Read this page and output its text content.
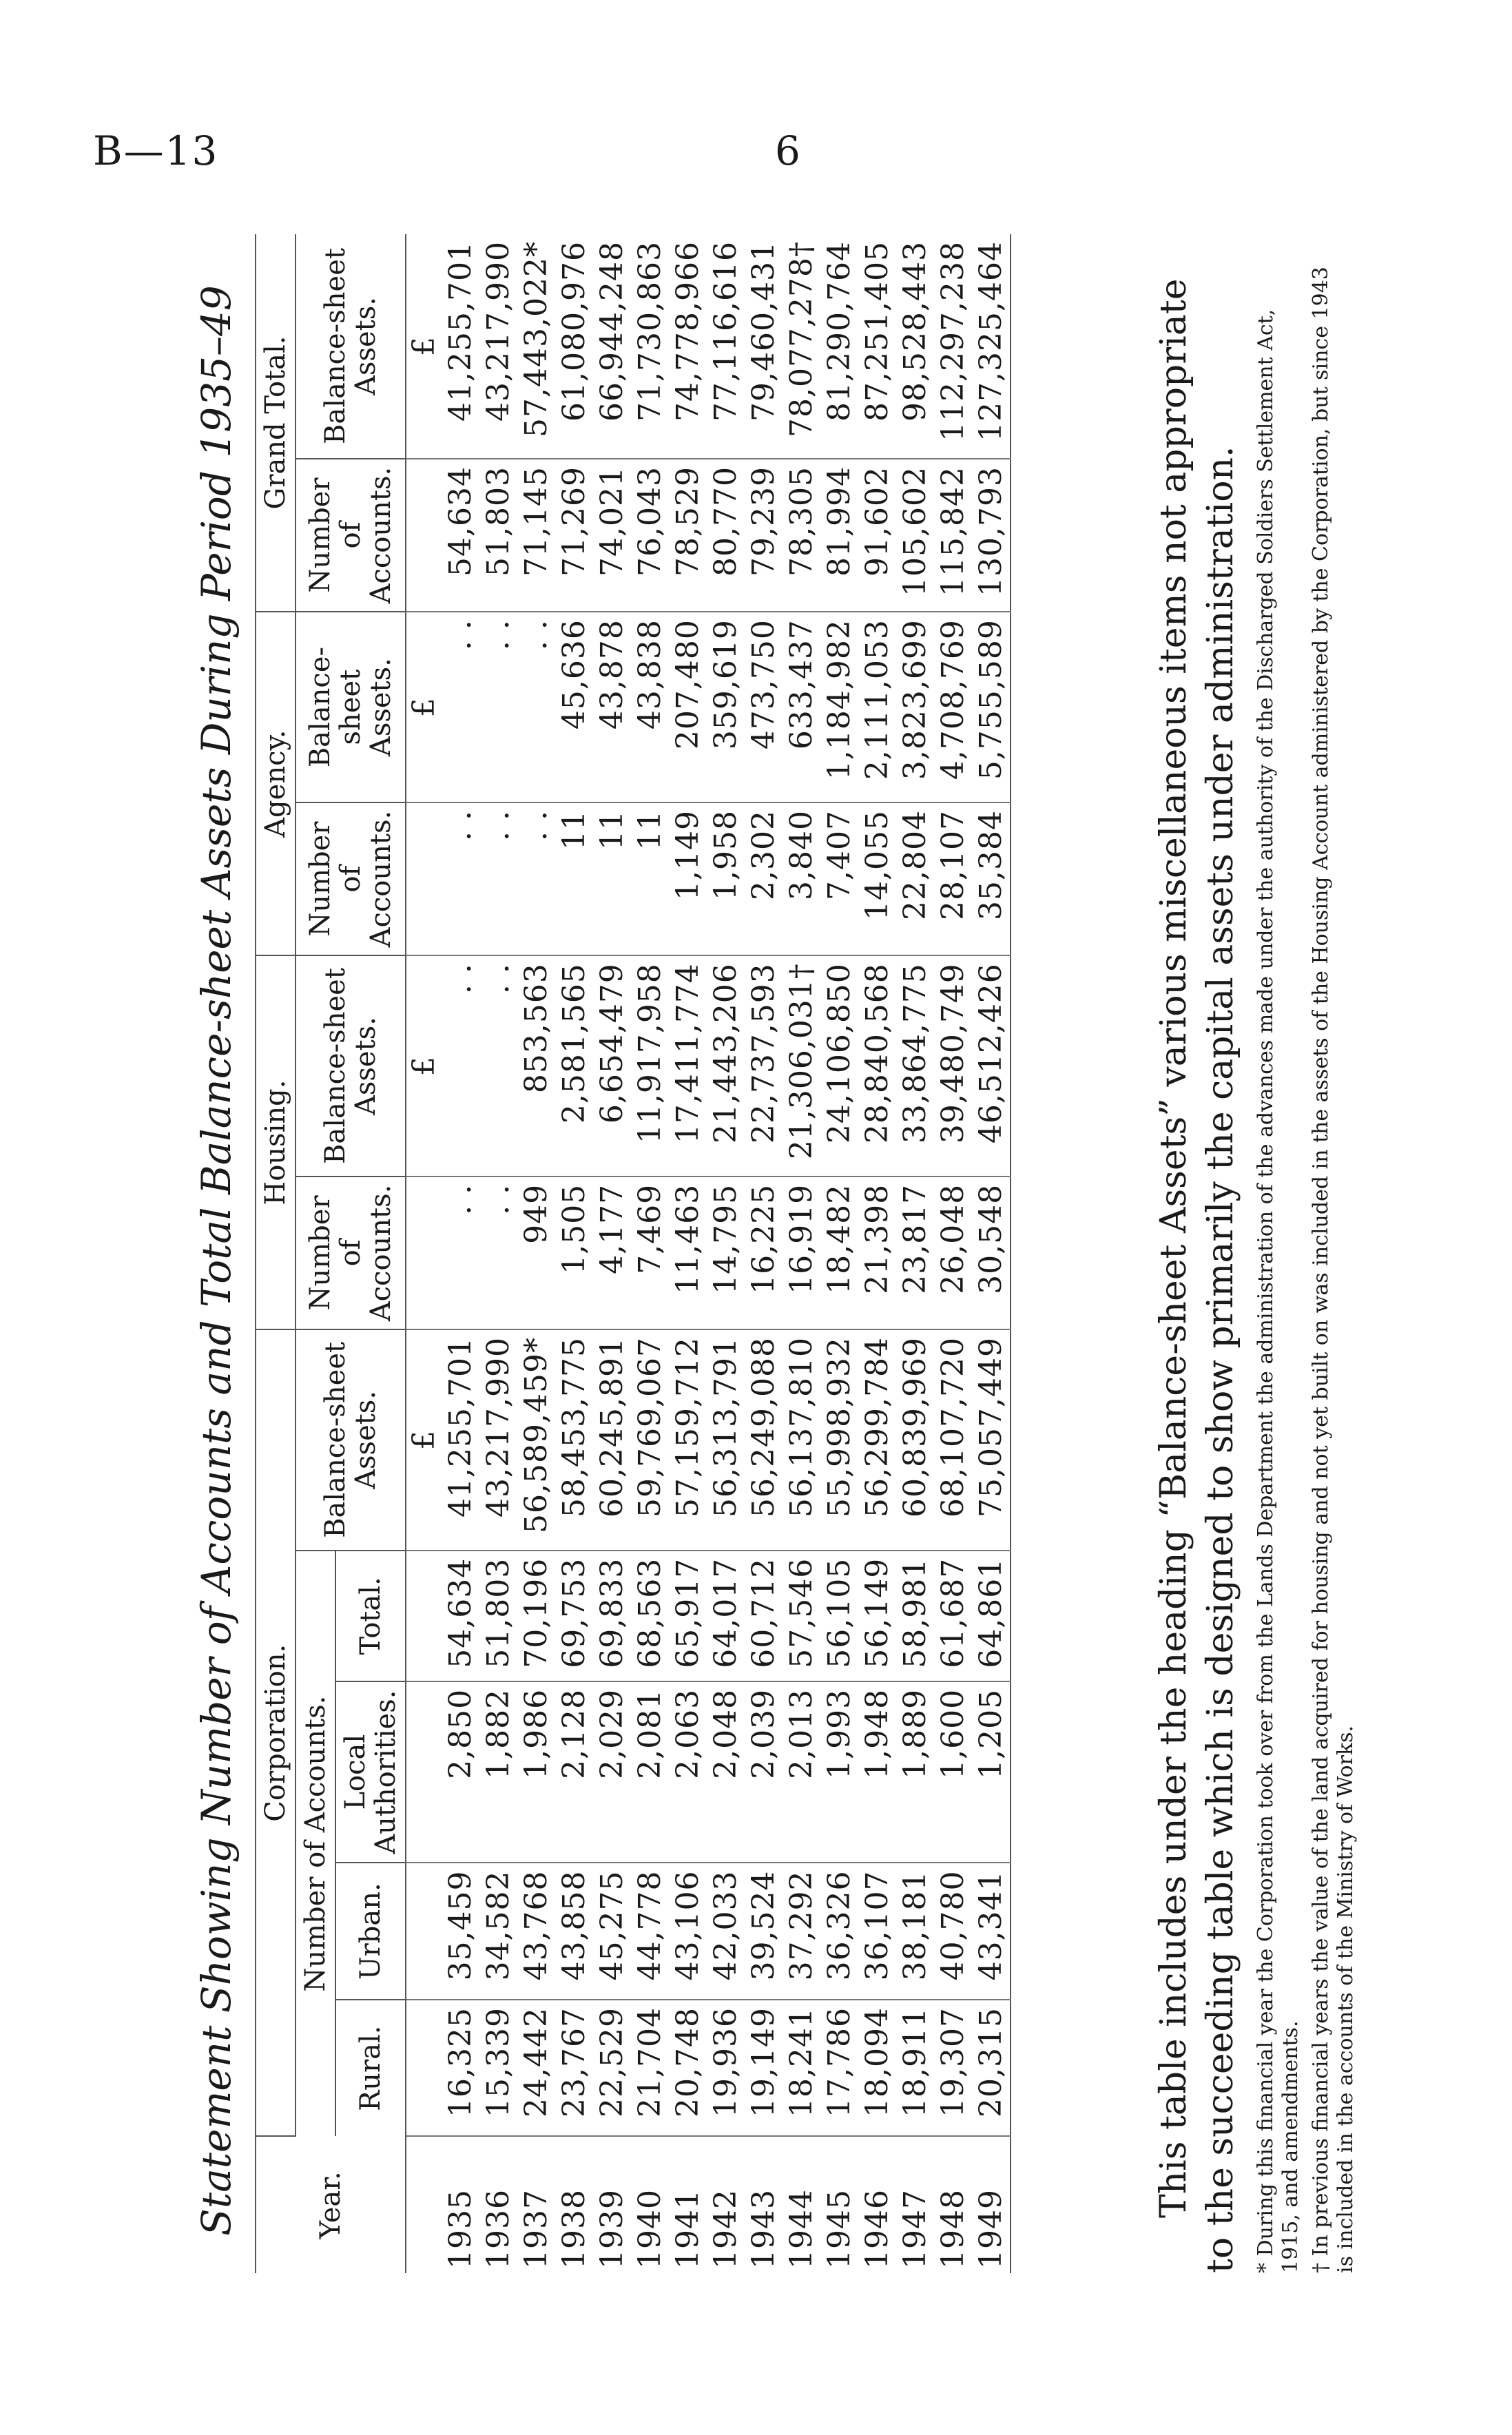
B—13	6
Statement Showing Number of Accounts and Total Balance-sheet Assets During Period 1935–49	Year.	Corporation.					Housing.		Agency.		Grand Total.	
	Number of Accounts.				Balance-sheet Assets.	Number of Accounts.	Balance-sheet Assets.	Number of Accounts.	Balance-sheet Assets.	Number of Accounts.	Balance-sheet Assets.
	Rural.	Urban.	Local Authorities.	Total.							
					£		£		£		£
1935	16,325	35,459	2,850	54,634	41,255,701	. .	. .	. .	. .	54,634	41,255,701
1936	15,339	34,582	1,882	51,803	43,217,990	. .	. .	. .	. .	51,803	43,217,990
1937	24,442	43,768	1,986	70,196	56,589,459*	949	853,563	. .	. .	71,145	57,443,022*
1938	23,767	43,858	2,128	69,753	58,453,775	1,505	2,581,565	11	45,636	71,269	61,080,976
1939	22,529	45,275	2,029	69,833	60,245,891	4,177	6,654,479	11	43,878	74,021	66,944,248
1940	21,704	44,778	2,081	68,563	59,769,067	7,469	11,917,958	11	43,838	76,043	71,730,863
1941	20,748	43,106	2,063	65,917	57,159,712	11,463	17,411,774	1,149	207,480	78,529	74,778,966
1942	19,936	42,033	2,048	64,017	56,313,791	14,795	21,443,206	1,958	359,619	80,770	77,116,616
1943	19,149	39,524	2,039	60,712	56,249,088	16,225	22,737,593	2,302	473,750	79,239	79,460,431
1944	18,241	37,292	2,013	57,546	56,137,810	16,919	21,306,031†	3,840	633,437	78,305	78,077,278†
1945	17,786	36,326	1,993	56,105	55,998,932	18,482	24,106,850	7,407	1,184,982	81,994	81,290,764
1946	18,094	36,107	1,948	56,149	56,299,784	21,398	28,840,568	14,055	2,111,053	91,602	87,251,405
1947	18,911	38,181	1,889	58,981	60,839,969	23,817	33,864,775	22,804	3,823,699	105,602	98,528,443
1948	19,307	40,780	1,600	61,687	68,107,720	26,048	39,480,749	28,107	4,708,769	115,842	112,297,238
1949	20,315	43,341	1,205	64,861	75,057,449	30,548	46,512,426	35,384	5,755,589	130,793	127,325,464	This table includes under the heading “Balance-sheet Assets” various miscellaneous items not appropriate to the succeeding table which is designed to show primarily the capital assets under administration. * During this financial year the Corporation took over from the Lands Department the administration of the advances made under the authority of the Discharged Soldiers Settlement Act, 1915, and amendments. † In previous financial years the value of the land acquired for housing and not yet built on was included in the assets of the Housing Account administered by the Corporation, but since 1943 is included in the accounts of the Ministry of Works.
